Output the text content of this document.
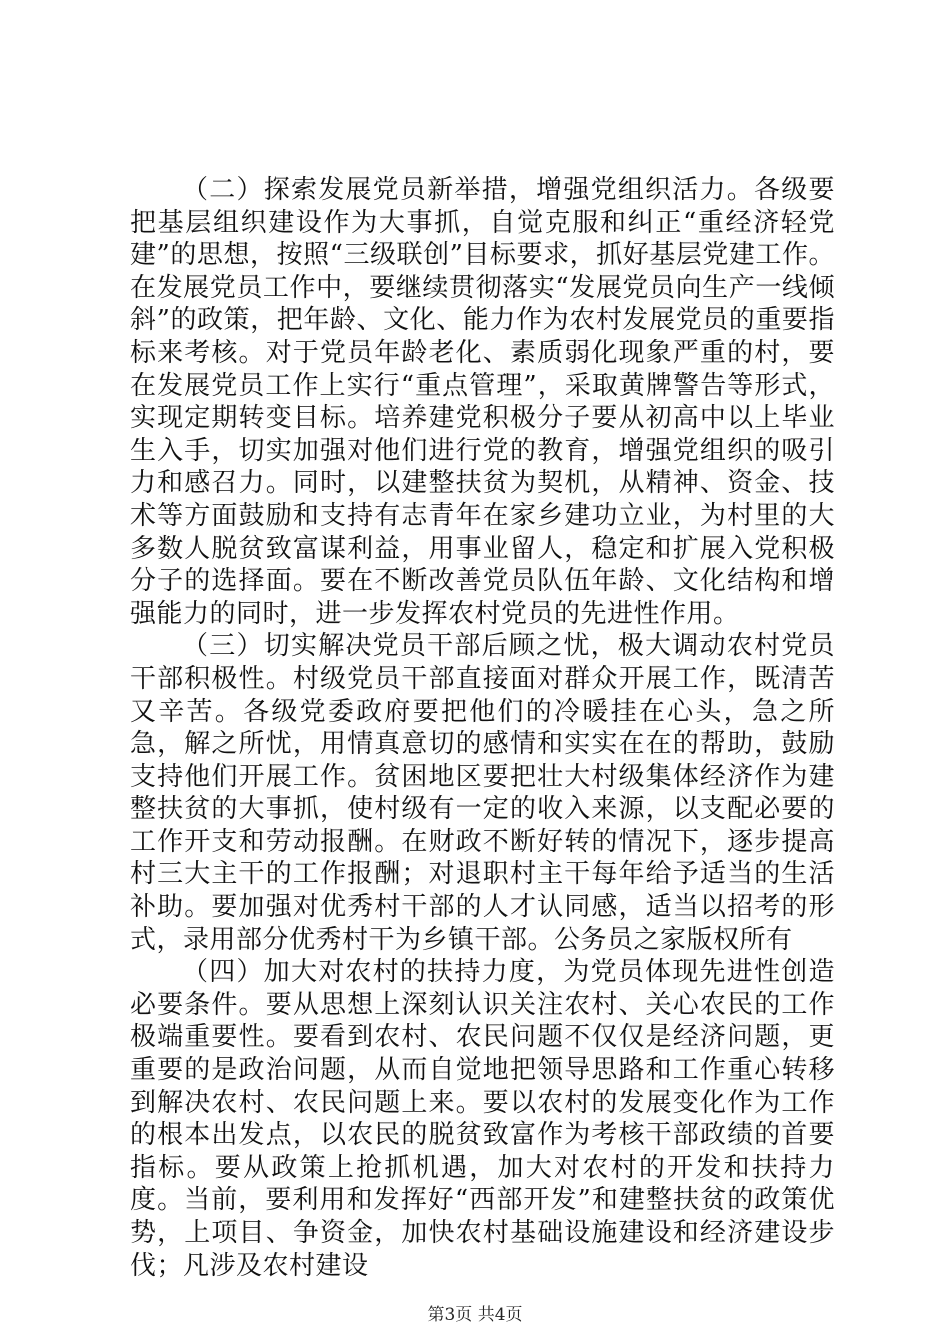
（二）探索发展党员新举措，增强党组织活力。各级要把基层组织建设作为大事抓，自觉克服和纠正“重经济轻党建”的思想，按照“三级联创”目标要求，抓好基层党建工作。在发展党员工作中，要继续贯彻落实“发展党员向生产一线倾斜”的政策，把年龄、文化、能力作为农村发展党员的重要指标来考核。对于党员年龄老化、素质弱化现象严重的村，要在发展党员工作上实行“重点管理”，采取黄牌警告等形式，实现定期转变目标。培养建党积极分子要从初高中以上毕业生入手，切实加强对他们进行党的教育，增强党组织的吸引力和感召力。同时，以建整扶贫为契机，从精神、资金、技术等方面鼓励和支持有志青年在家乡建功立业，为村里的大多数人脱贫致富谋利益，用事业留人，稳定和扩展入党积极分子的选择面。要在不断改善党员队伍年龄、文化结构和增强能力的同时，进一步发挥农村党员的先进性作用。

（三）切实解决党员干部后顾之忧，极大调动农村党员干部积极性。村级党员干部直接面对群众开展工作，既清苦又辛苦。各级党委政府要把他们的冷暖挂在心头，急之所急，解之所忧，用情真意切的感情和实实在在的帮助，鼓励支持他们开展工作。贫困地区要把壮大村级集体经济作为建整扶贫的大事抓，使村级有一定的收入来源，以支配必要的工作开支和劳动报酬。在财政不断好转的情况下，逐步提高村三大主干的工作报酬；对退职村主干每年给予适当的生活补助。要加强对优秀村干部的人才认同感，适当以招考的形式，录用部分优秀村干为乡镇干部。公务员之家版权所有

（四）加大对农村的扶持力度，为党员体现先进性创造必要条件。要从思想上深刻认识关注农村、关心农民的工作极端重要性。要看到农村、农民问题不仅仅是经济问题，更重要的是政治问题，从而自觉地把领导思路和工作重心转移到解决农村、农民问题上来。要以农村的发展变化作为工作的根本出发点，以农民的脱贫致富作为考核干部政绩的首要指标。要从政策上抢抓机遇，加大对农村的开发和扶持力度。当前，要利用和发挥好“西部开发”和建整扶贫的政策优势，上项目、争资金，加快农村基础设施建设和经济建设步伐；凡涉及农村建设

第3页 共4页
